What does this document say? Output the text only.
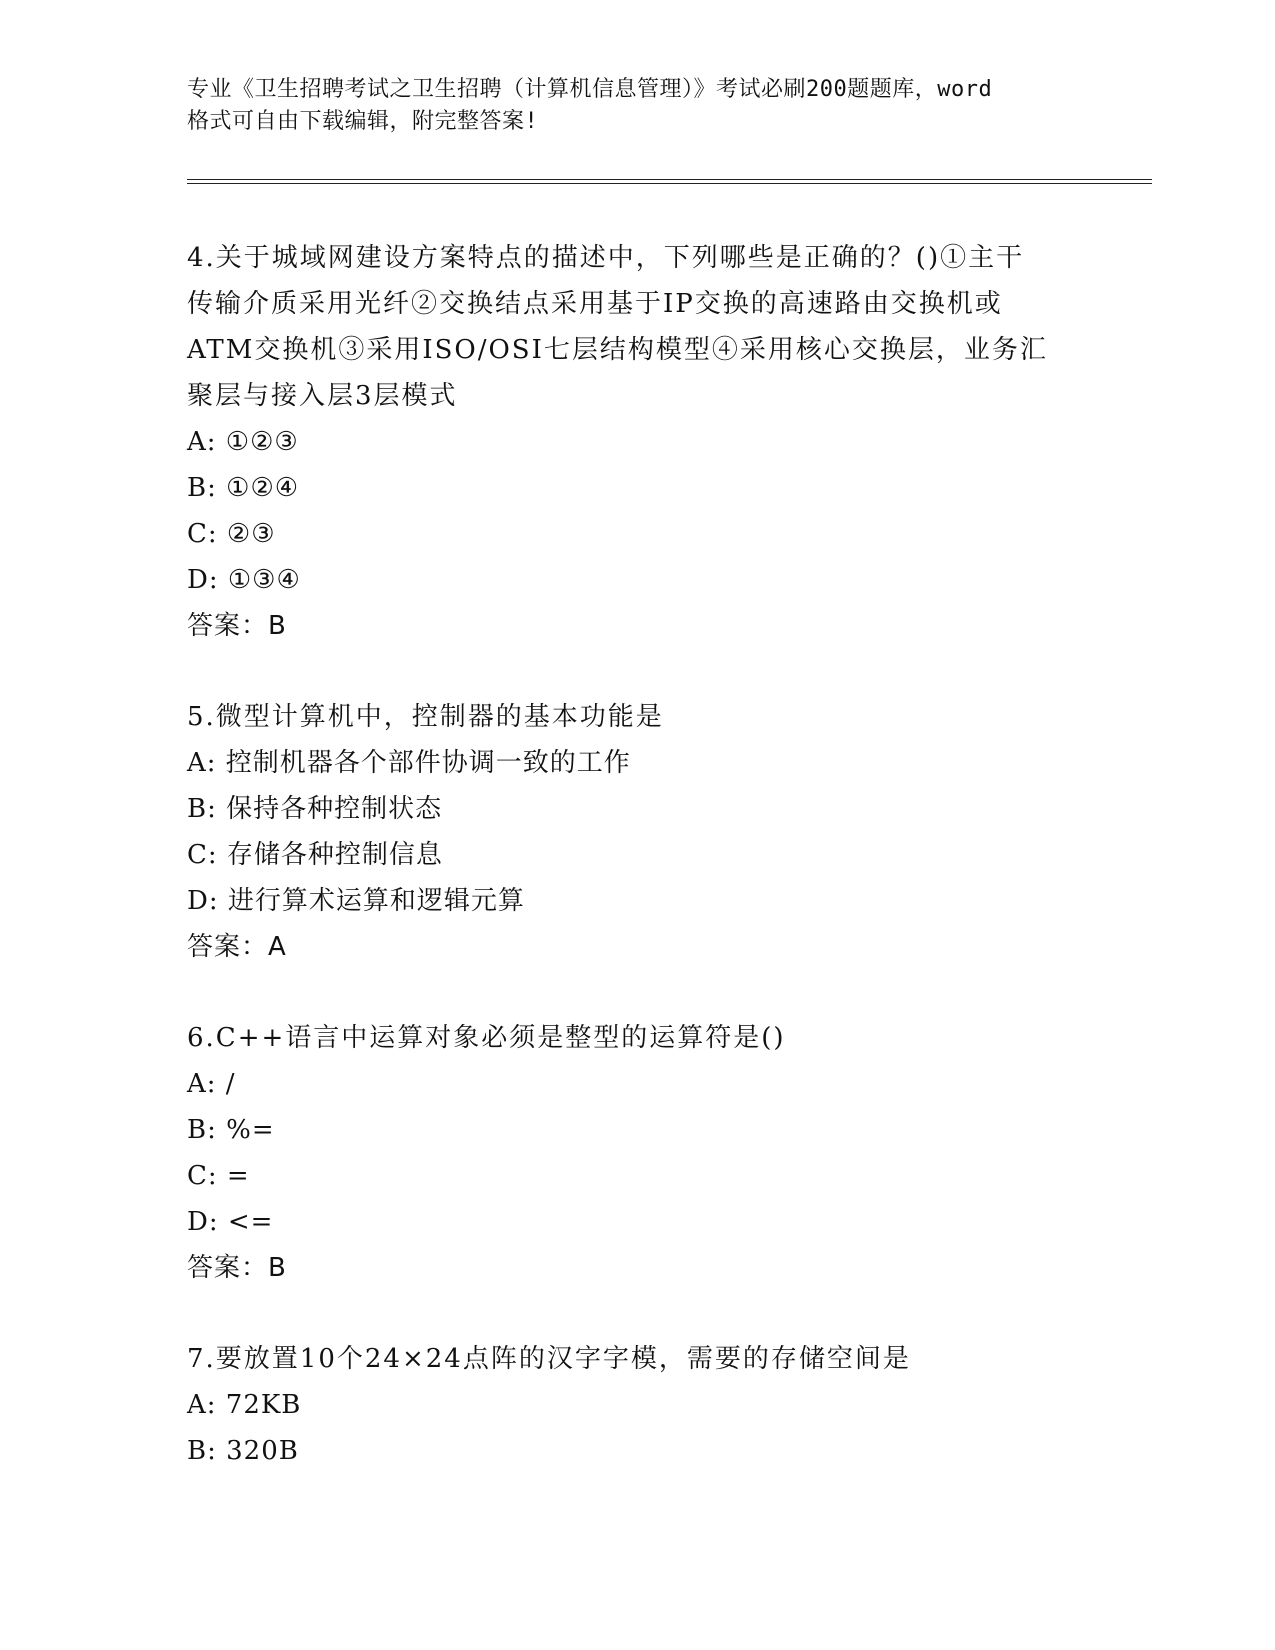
专业《卫生招聘考试之卫生招聘（计算机信息管理）》考试必刷200题题库，word
格式可自由下载编辑，附完整答案!
4.关于城域网建设方案特点的描述中，下列哪些是正确的？()①主干
传输介质采用光纤②交换结点采用基于IP交换的高速路由交换机或
ATM交换机③采用ISO/OSI七层结构模型④采用核心交换层，业务汇
聚层与接入层3层模式
A: ①②③
B: ①②④
C: ②③
D: ①③④
答案：B
5.微型计算机中，控制器的基本功能是
A: 控制机器各个部件协调一致的工作
B: 保持各种控制状态
C: 存储各种控制信息
D: 进行算术运算和逻辑元算
答案：A
6.C++语言中运算对象必须是整型的运算符是()
A: /
B: %=
C: =
D: <=
答案：B
7.要放置10个24×24点阵的汉字字模，需要的存储空间是
A: 72KB
B: 320B
